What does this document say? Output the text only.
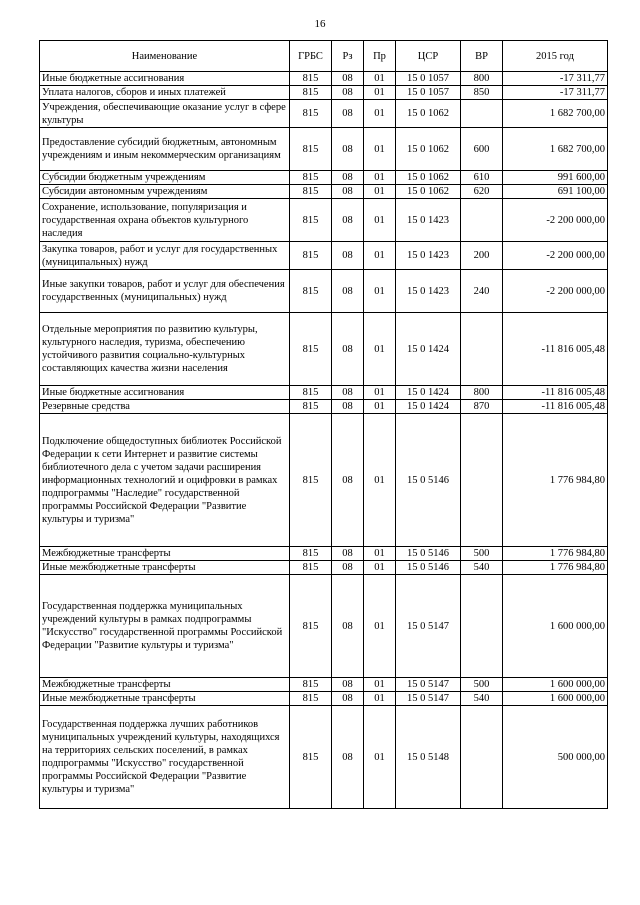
16
Наименование	ГРБС	Рз	Пр	ЦСР	ВР	2015 год
Иные бюджетные ассигнования	815	08	01	15 0 1057	800	-17 311,77
Уплата налогов, сборов и иных платежей	815	08	01	15 0 1057	850	-17 311,77
Учреждения, обеспечивающие оказание услуг в сфере культуры	815	08	01	15 0 1062		1 682 700,00
Предоставление субсидий бюджетным, автономным учреждениям и иным некоммерческим организациям	815	08	01	15 0 1062	600	1 682 700,00
Субсидии бюджетным учреждениям	815	08	01	15 0 1062	610	991 600,00
Субсидии автономным учреждениям	815	08	01	15 0 1062	620	691 100,00
Сохранение, использование, популяризация и государственная охрана объектов культурного наследия	815	08	01	15 0 1423		-2 200 000,00
Закупка товаров, работ и услуг для государственных (муниципальных) нужд	815	08	01	15 0 1423	200	-2 200 000,00
Иные закупки товаров, работ и услуг для обеспечения государственных (муниципальных) нужд	815	08	01	15 0 1423	240	-2 200 000,00
Отдельные мероприятия по развитию культуры, культурного наследия, туризма, обеспечению устойчивого развития социально-культурных составляющих качества жизни населения	815	08	01	15 0 1424		-11 816 005,48
Иные бюджетные ассигнования	815	08	01	15 0 1424	800	-11 816 005,48
Резервные средства	815	08	01	15 0 1424	870	-11 816 005,48
Подключение общедоступных библиотек Российской Федерации к сети Интернет и развитие системы библиотечного дела с учетом задачи расширения информационных технологий и оцифровки в рамках подпрограммы "Наследие" государственной программы Российской Федерации "Развитие культуры и туризма"	815	08	01	15 0 5146		1 776 984,80
Межбюджетные трансферты	815	08	01	15 0 5146	500	1 776 984,80
Иные межбюджетные трансферты	815	08	01	15 0 5146	540	1 776 984,80
Государственная поддержка муниципальных учреждений культуры в рамках подпрограммы "Искусство" государственной программы Российской Федерации "Развитие культуры и туризма"	815	08	01	15 0 5147		1 600 000,00
Межбюджетные трансферты	815	08	01	15 0 5147	500	1 600 000,00
Иные межбюджетные трансферты	815	08	01	15 0 5147	540	1 600 000,00
Государственная поддержка лучших работников муниципальных учреждений культуры, находящихся на территориях сельских поселений, в рамках подпрограммы "Искусство" государственной программы Российской Федерации "Развитие культуры и туризма"	815	08	01	15 0 5148		500 000,00
